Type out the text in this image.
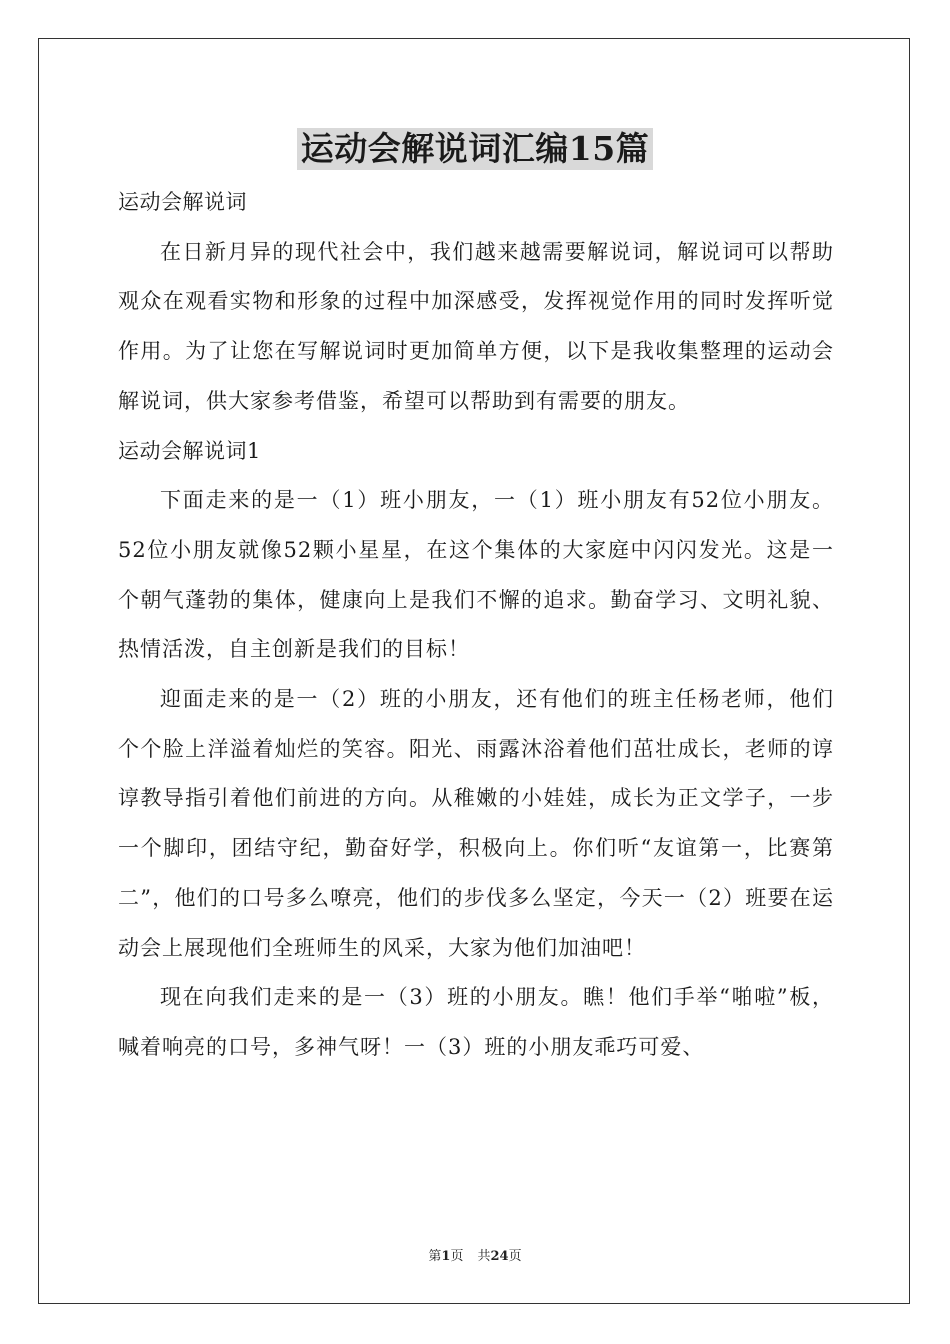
运动会解说词汇编15篇

运动会解说词

在日新月异的现代社会中，我们越来越需要解说词，解说词可以帮助观众在观看实物和形象的过程中加深感受，发挥视觉作用的同时发挥听觉作用。为了让您在写解说词时更加简单方便，以下是我收集整理的运动会解说词，供大家参考借鉴，希望可以帮助到有需要的朋友。

运动会解说词1

下面走来的是一（1）班小朋友，一（1）班小朋友有52位小朋友。52位小朋友就像52颗小星星，在这个集体的大家庭中闪闪发光。这是一个朝气蓬勃的集体，健康向上是我们不懈的追求。勤奋学习、文明礼貌、热情活泼，自主创新是我们的目标！

迎面走来的是一（2）班的小朋友，还有他们的班主任杨老师，他们个个脸上洋溢着灿烂的笑容。阳光、雨露沐浴着他们茁壮成长，老师的谆谆教导指引着他们前进的方向。从稚嫩的小娃娃，成长为正文学子，一步一个脚印，团结守纪，勤奋好学，积极向上。你们听“友谊第一，比赛第二”，他们的口号多么嘹亮，他们的步伐多么坚定，今天一（2）班要在运动会上展现他们全班师生的风采，大家为他们加油吧！

现在向我们走来的是一（3）班的小朋友。瞧！他们手举“啪啦”板，喊着响亮的口号，多神气呀！一（3）班的小朋友乖巧可爱、

第1页 共24页
